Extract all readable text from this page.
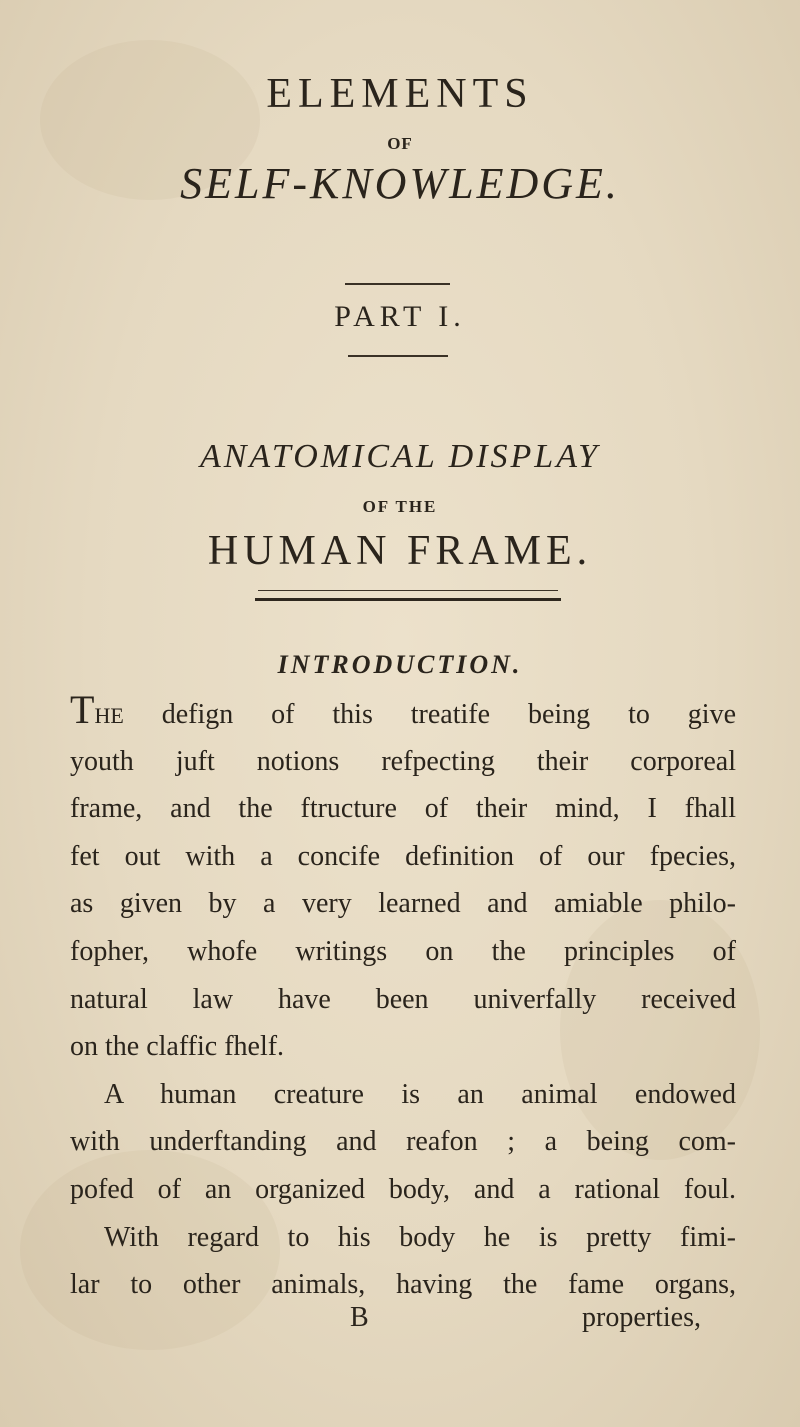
ELEMENTS
OF
SELF-KNOWLEDGE.
PART I.
ANATOMICAL DISPLAY
OF THE
HUMAN FRAME.
INTRODUCTION.
THE defign of this treatife being to give
youth juft notions refpecting their corporeal
frame, and the ftructure of their mind, I fhall
fet out with a concife definition of our fpecies,
as given by a very learned and amiable philo-
fopher, whofe writings on the principles of
natural law have been univerfally received
on the claffic fhelf.
A human creature is an animal endowed
with underftanding and reafon ; a being com-
pofed of an organized body, and a rational foul.
With regard to his body he is pretty fimi-
lar to other animals, having the fame organs,
B	properties,
